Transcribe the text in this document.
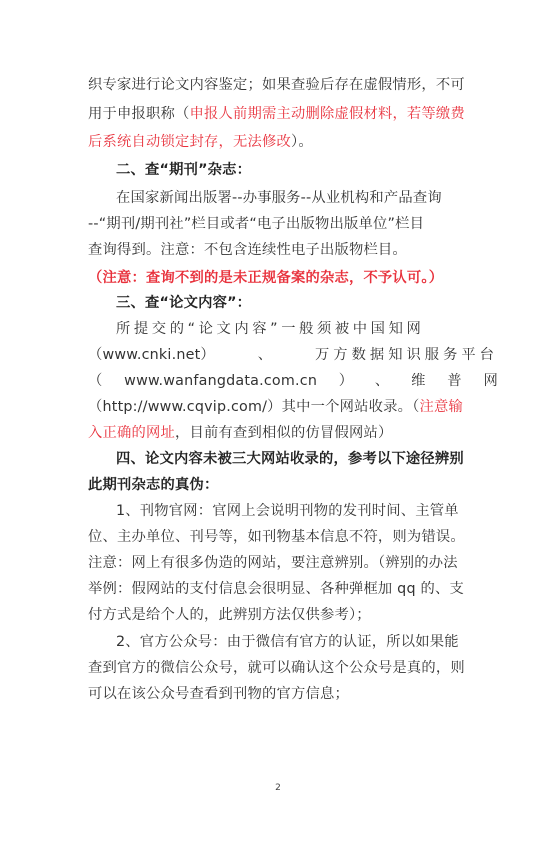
织专家进行论文内容鉴定；如果查验后存在虚假情形，不可
用于申报职称（申报人前期需主动删除虚假材料，若等缴费
后系统自动锁定封存，无法修改）。
二、查“期刊”杂志：
在国家新闻出版署--办事服务--从业机构和产品查询
--“期刊/期刊社”栏目或者“电子出版物出版单位”栏目
查询得到。注意：不包含连续性电子出版物栏目。
（注意：查询不到的是未正规备案的杂志，不予认可。）
三、查“论文内容”：
所提交的“论文内容”一般须被中国知网
（www.cnki.net）	、	万方数据知识服务平台
（ www.wanfangdata.com.cn ） 、 维 普 网
（http://www.cqvip.com/）其中一个网站收录。（注意输
入正确的网址，目前有查到相似的仿冒假网站）
四、论文内容未被三大网站收录的，参考以下途径辨别
此期刊杂志的真伪：
1、刊物官网：官网上会说明刊物的发刊时间、主管单
位、主办单位、刊号等，如刊物基本信息不符，则为错误。
注意：网上有很多伪造的网站，要注意辨别。（辨别的办法
举例：假网站的支付信息会很明显、各种弹框加 qq 的、支
付方式是给个人的，此辨别方法仅供参考）；
2、官方公众号：由于微信有官方的认证，所以如果能
查到官方的微信公众号，就可以确认这个公众号是真的，则
可以在该公众号查看到刊物的官方信息；
2
